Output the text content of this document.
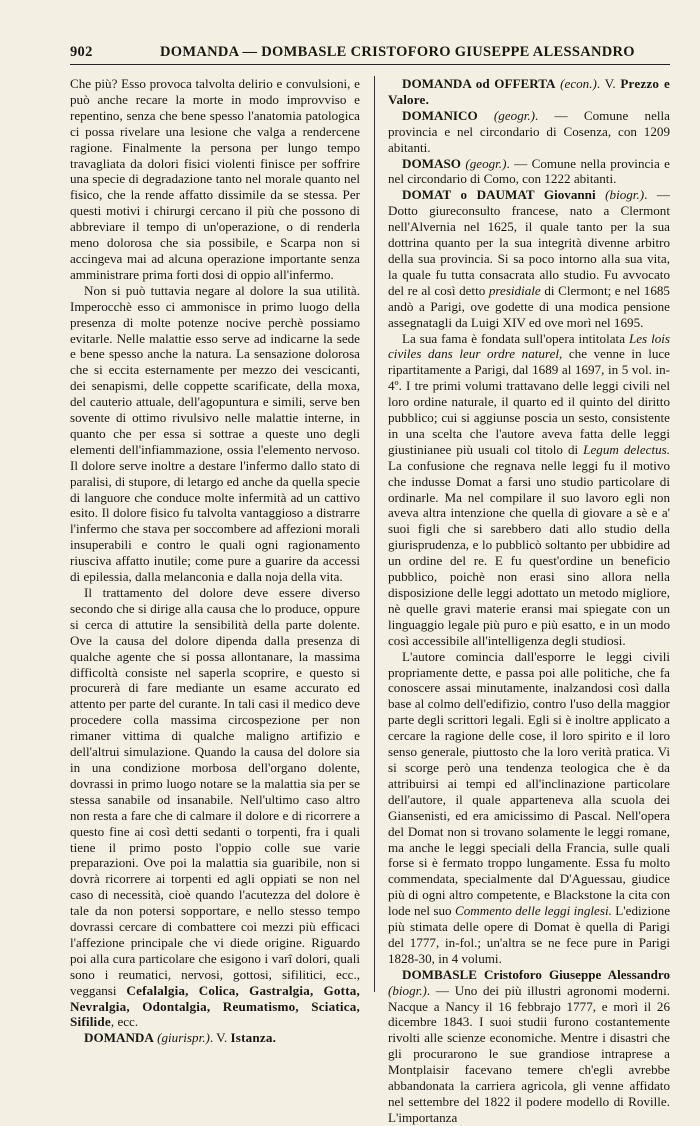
902	DOMANDA — DOMBASLE CRISTOFORO GIUSEPPE ALESSANDRO

Che più? Esso provoca talvolta delirio e convulsioni, e può anche recare la morte in modo improvviso e repentino, senza che bene spesso l'anatomia patologica ci possa rivelare una lesione che valga a rendercene ragione. Finalmente la persona per lungo tempo travagliata da dolori fisici violenti finisce per soffrire una specie di degradazione tanto nel morale quanto nel fisico, che la rende affatto dissimile da se stessa. Per questi motivi i chirurgi cercano il più che possono di abbreviare il tempo di un'operazione, o di renderla meno dolorosa che sia possibile, e Scarpa non si accingeva mai ad alcuna operazione importante senza amministrare prima forti dosi di oppio all'infermo.

Non si può tuttavia negare al dolore la sua utilità. Imperocchè esso ci ammonisce in primo luogo della presenza di molte potenze nocive perchè possiamo evitarle. Nelle malattie esso serve ad indicarne la sede e bene spesso anche la natura. La sensazione dolorosa che si eccita esternamente per mezzo dei vescicanti, dei senapismi, delle coppette scarificate, della moxa, del cauterio attuale, dell'agopuntura e simili, serve ben sovente di ottimo rivulsivo nelle malattie interne, in quanto che per essa si sottrae a queste uno degli elementi dell'infiammazione, ossia l'elemento nervoso. Il dolore serve inoltre a destare l'infermo dallo stato di paralisi, di stupore, di letargo ed anche da quella specie di languore che conduce molte infermità ad un cattivo esito. Il dolore fisico fu talvolta vantaggioso a distrarre l'infermo che stava per soccombere ad affezioni morali insuperabili e contro le quali ogni ragionamento riusciva affatto inutile; come pure a guarire da accessi di epilessia, dalla melanconia e dalla noja della vita.

Il trattamento del dolore deve essere diverso secondo che si dirige alla causa che lo produce, oppure si cerca di attutire la sensibilità della parte dolente. Ove la causa del dolore dipenda dalla presenza di qualche agente che si possa allontanare, la massima difficoltà consiste nel saperla scoprire, e questo si procurerà di fare mediante un esame accurato ed attento per parte del curante. In tali casi il medico deve procedere colla massima circospezione per non rimaner vittima di qualche maligno artifizio e dell'altrui simulazione. Quando la causa del dolore sia in una condizione morbosa dell'organo dolente, dovrassi in primo luogo notare se la malattia sia per se stessa sanabile od insanabile. Nell'ultimo caso altro non resta a fare che di calmare il dolore e di ricorrere a questo fine ai così detti sedanti o torpenti, fra i quali tiene il primo posto l'oppio colle sue varie preparazioni. Ove poi la malattia sia guaribile, non si dovrà ricorrere ai torpenti ed agli oppiati se non nel caso di necessità, cioè quando l'acutezza del dolore è tale da non potersi sopportare, e nello stesso tempo dovrassi cercare di combattere coi mezzi più efficaci l'affezione principale che vi diede origine. Riguardo poi alla cura particolare che esigono i varî dolori, quali sono i reumatici, nervosi, gottosi, sifilitici, ecc., veggansi Cefalalgia, Colica, Gastralgia, Gotta, Nevralgia, Odontalgia, Reumatismo, Sciatica, Sifilide, ecc.

DOMANDA (giurispr.). V. Istanza.

DOMANDA od OFFERTA (econ.). V. Prezzo e Valore.

DOMANICO (geogr.). — Comune nella provincia e nel circondario di Cosenza, con 1209 abitanti.

DOMASO (geogr.). — Comune nella provincia e nel circondario di Como, con 1222 abitanti.

DOMAT o DAUMAT Giovanni (biogr.). — Dotto giureconsulto francese, nato a Clermont nell'Alvernia nel 1625, il quale tanto per la sua dottrina quanto per la sua integrità divenne arbitro della sua provincia. Si sa poco intorno alla sua vita, la quale fu tutta consacrata allo studio. Fu avvocato del re al così detto presidiale di Clermont; e nel 1685 andò a Parigi, ove godette di una modica pensione assegnatagli da Luigi XIV ed ove morì nel 1695.

La sua fama è fondata sull'opera intitolata Les lois civiles dans leur ordre naturel, che venne in luce ripartitamente a Parigi, dal 1689 al 1697, in 5 vol. in-4º. I tre primi volumi trattavano delle leggi civili nel loro ordine naturale, il quarto ed il quinto del diritto pubblico; cui si aggiunse poscia un sesto, consistente in una scelta che l'autore aveva fatta delle leggi giustinianee più usuali col titolo di Legum delectus. La confusione che regnava nelle leggi fu il motivo che indusse Domat a farsi uno studio particolare di ordinarle. Ma nel compilare il suo lavoro egli non aveva altra intenzione che quella di giovare a sè e a' suoi figli che si sarebbero dati allo studio della giurisprudenza, e lo pubblicò soltanto per ubbidire ad un ordine del re. E fu quest'ordine un beneficio pubblico, poichè non erasi sino allora nella disposizione delle leggi adottato un metodo migliore, nè quelle gravi materie eransi mai spiegate con un linguaggio legale più puro e più esatto, e in un modo così accessibile all'intelligenza degli studiosi.

L'autore comincia dall'esporre le leggi civili propriamente dette, e passa poi alle politiche, che fa conoscere assai minutamente, inalzandosi così dalla base al colmo dell'edifizio, contro l'uso della maggior parte degli scrittori legali. Egli si è inoltre applicato a cercare la ragione delle cose, il loro spirito e il loro senso generale, piuttosto che la loro verità pratica. Vi si scorge però una tendenza teologica che è da attribuirsi ai tempi ed all'inclinazione particolare dell'autore, il quale apparteneva alla scuola dei Giansenisti, ed era amicissimo di Pascal. Nell'opera del Domat non si trovano solamente le leggi romane, ma anche le leggi speciali della Francia, sulle quali forse si è fermato troppo lungamente. Essa fu molto commendata, specialmente dal D'Aguessau, giudice più di ogni altro competente, e Blackstone la cita con lode nel suo Commento delle leggi inglesi. L'edizione più stimata delle opere di Domat è quella di Parigi del 1777, in-fol.; un'altra se ne fece pure in Parigi 1828-30, in 4 volumi.

DOMBASLE Cristoforo Giuseppe Alessandro (biogr.). — Uno dei più illustri agronomi moderni. Nacque a Nancy il 16 febbrajo 1777, e morì il 26 dicembre 1843. I suoi studii furono costantemente rivolti alle scienze economiche. Mentre i disastri che gli procurarono le sue grandiose intraprese a Montplaisir facevano temere ch'egli avrebbe abbandonata la carriera agricola, gli venne affidato nel settembre del 1822 il podere modello di Roville. L'importanza
